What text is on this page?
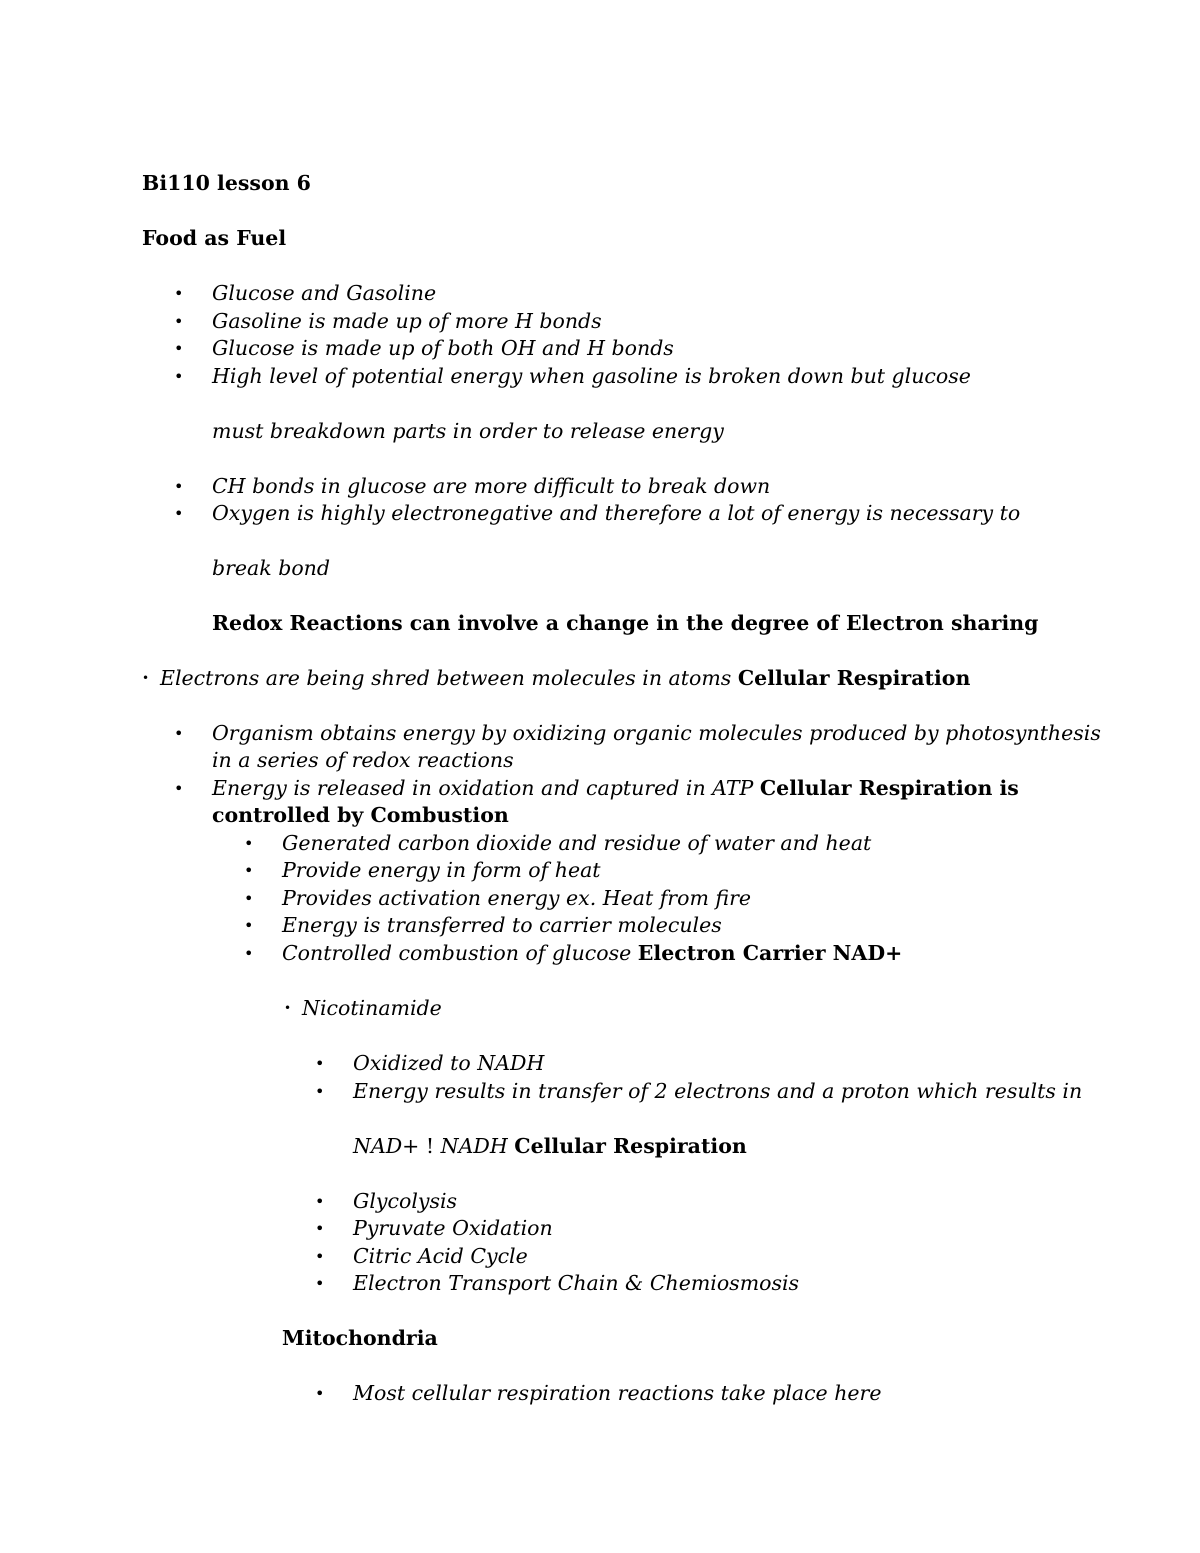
Bi110 lesson 6
Food as Fuel
• Glucose and Gasoline
• Gasoline is made up of more H bonds
• Glucose is made up of both OH and H bonds
• High level of potential energy when gasoline is broken down but glucose
must breakdown parts in order to release energy
• CH bonds in glucose are more difficult to break down
• Oxygen is highly electronegative and therefore a lot of energy is necessary to
break bond
Redox Reactions can involve a change in the degree of Electron sharing
• Electrons are being shred between molecules in atoms Cellular Respiration
• Organism obtains energy by oxidizing organic molecules produced by photosynthesis
in a series of redox reactions
• Energy is released in oxidation and captured in ATP Cellular Respiration is
controlled by Combustion
• Generated carbon dioxide and residue of water and heat
• Provide energy in form of heat
• Provides activation energy ex. Heat from fire
• Energy is transferred to carrier molecules
• Controlled combustion of glucose Electron Carrier NAD+
• Nicotinamide
• Oxidized to NADH
• Energy results in transfer of 2 electrons and a proton which results in
NAD+ ! NADH Cellular Respiration
• Glycolysis
• Pyruvate Oxidation
• Citric Acid Cycle
• Electron Transport Chain & Chemiosmosis
Mitochondria
• Most cellular respiration reactions take place here
